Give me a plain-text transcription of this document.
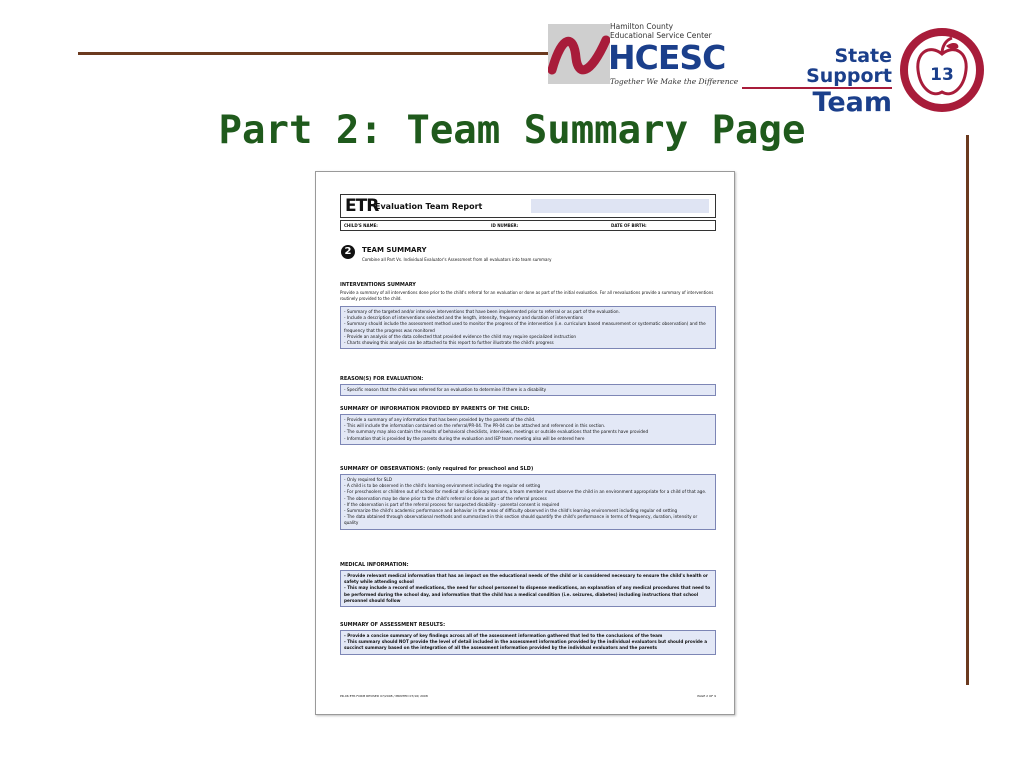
Hamilton County
Educational Service Center
HCESC
Together We Make the Difference
State Support
Team
13
Part 2: Team Summary Page
ETR
Evaluation Team Report
CHILD'S NAME:	ID NUMBER:	DATE OF BIRTH:
2	TEAM SUMMARY
Combine all Part Vs. Individual Evaluator's Assessment from all evaluators into team summary
INTERVENTIONS SUMMARY
Provide a summary of all interventions done prior to the child's referral for an evaluation or done as part of the initial evaluation. For all reevaluations provide a summary of interventions routinely provided to the child.
- Summary of the targeted and/or intensive interventions that have been implemented prior to referral or as part of the evaluation.
- Include a description of interventions selected and the length, intensity, frequency and duration of interventions
- Summary should include the assessment method used to monitor the progress of the intervention (i.e. curriculum based measurement or systematic observation) and the frequency that the progress was monitored
- Provide an analysis of the data collected that provided evidence the child may require specialized instruction
- Charts showing this analysis can be attached to this report to further illustrate the child's progress
REASON(S) FOR EVALUATION:
- Specific reason that the child was referred for an evaluation to determine if there is a disability
SUMMARY OF INFORMATION PROVIDED BY PARENTS OF THE CHILD:
- Provide a summary of any information that has been provided by the parents of the child.
- This will include the information contained on the referral/PR-04. The PR-04 can be attached and referenced in this section.
- The summary may also contain the results of behavioral checklists, interviews, meetings or outside evaluations that the parents have provided
- Information that is provided by the parents during the evaluation and IEP team meeting also will be entered here
SUMMARY OF OBSERVATIONS: (only required for preschool and SLD)
- Only required for SLD
- A child is to be observed in the child's learning environment including the regular ed setting
- For preschoolers or children out of school for medical or disciplinary reasons, a team member must observe the child in an environment appropriate for a child of that age.
- The observation may be done prior to the child's referral or done as part of the referral process
- If the observation is part of the referral process for suspected disability - parental consent is required
- Summarize the child's academic performance and behavior in the areas of difficulty observed in the child's learning environment including regular ed setting
- The data obtained through observational methods and summarized in this section should quantify the child's performance in terms of frequency, duration, intensity or quality
MEDICAL INFORMATION:
- Provide relevant medical information that has an impact on the educational needs of the child or is considered necessary to ensure the child's health or safety while attending school
- This may include a record of medications, the need for school personnel to dispense medications, an explanation of any medical procedures that need to be performed during the school day, and information that the child has a medical condition (i.e. seizures, diabetes) including instructions that school personnel should follow
SUMMARY OF ASSESSMENT RESULTS:
- Provide a concise summary of key findings across all of the assessment information gathered that led to the conclusions of the team
- This summary should NOT provide the level of detail included in the assessment information provided by the individual evaluators but should provide a succinct summary based on the integration of all the assessment information provided by the individual evaluators and the parents
PR-06 ETR FORM REVISED 07/2008 / PRINTED 07/16/ 2008	PAGE 2 OF 9
